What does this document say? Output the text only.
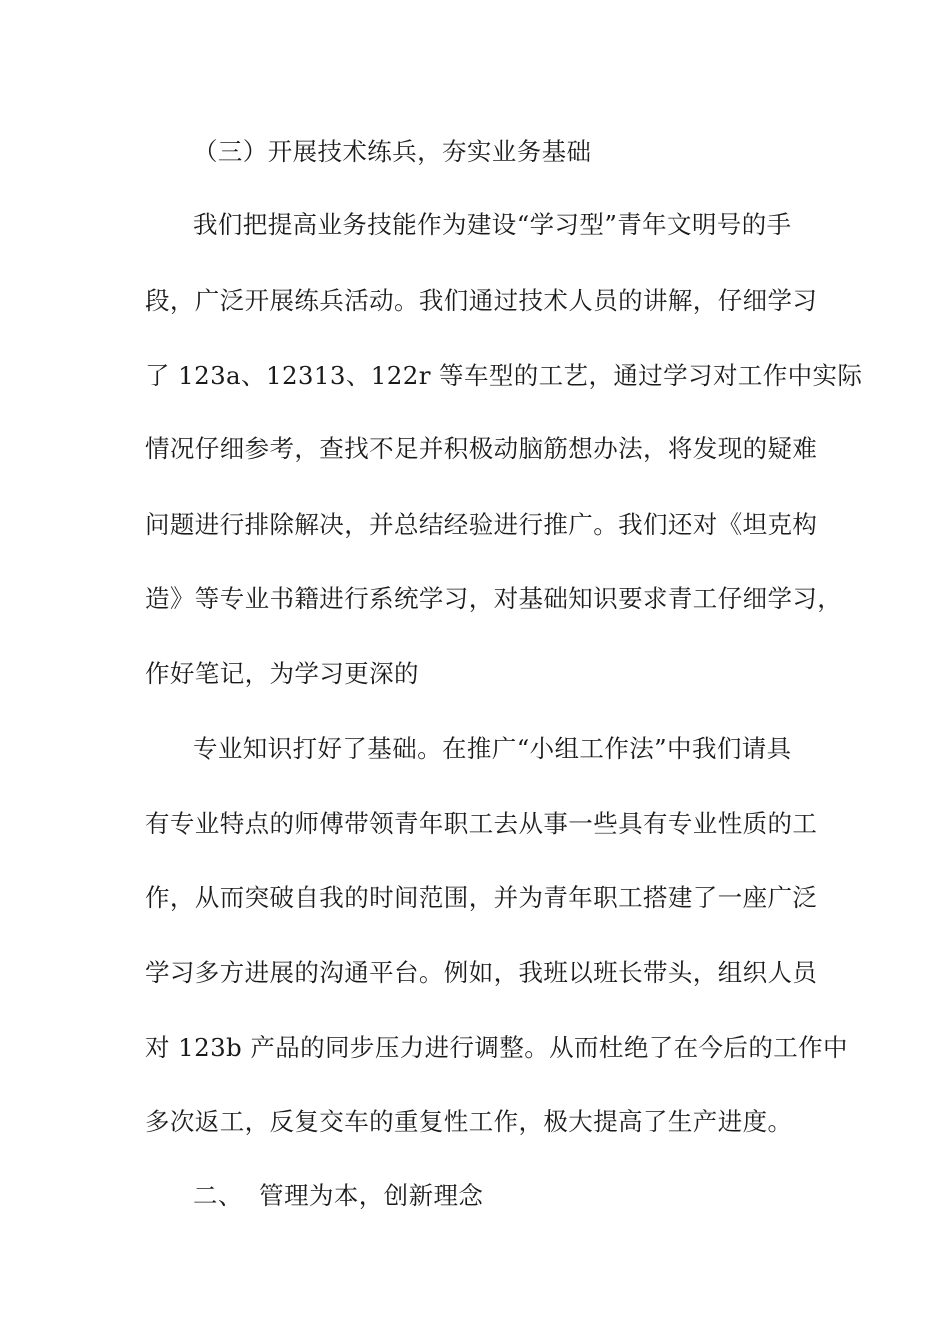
（三）开展技术练兵，夯实业务基础
我们把提高业务技能作为建设“学习型”青年文明号的手
段，广泛开展练兵活动。我们通过技术人员的讲解，仔细学习
了 123a、12313、122r 等车型的工艺，通过学习对工作中实际
情况仔细参考，查找不足并积极动脑筋想办法，将发现的疑难
问题进行排除解决，并总结经验进行推广。我们还对《坦克构
造》等专业书籍进行系统学习，对基础知识要求青工仔细学习，
作好笔记，为学习更深的
专业知识打好了基础。在推广“小组工作法”中我们请具
有专业特点的师傅带领青年职工去从事一些具有专业性质的工
作，从而突破自我的时间范围，并为青年职工搭建了一座广泛
学习多方进展的沟通平台。例如，我班以班长带头，组织人员
对 123b 产品的同步压力进行调整。从而杜绝了在今后的工作中
多次返工，反复交车的重复性工作，极大提高了生产进度。
二、  管理为本，创新理念
